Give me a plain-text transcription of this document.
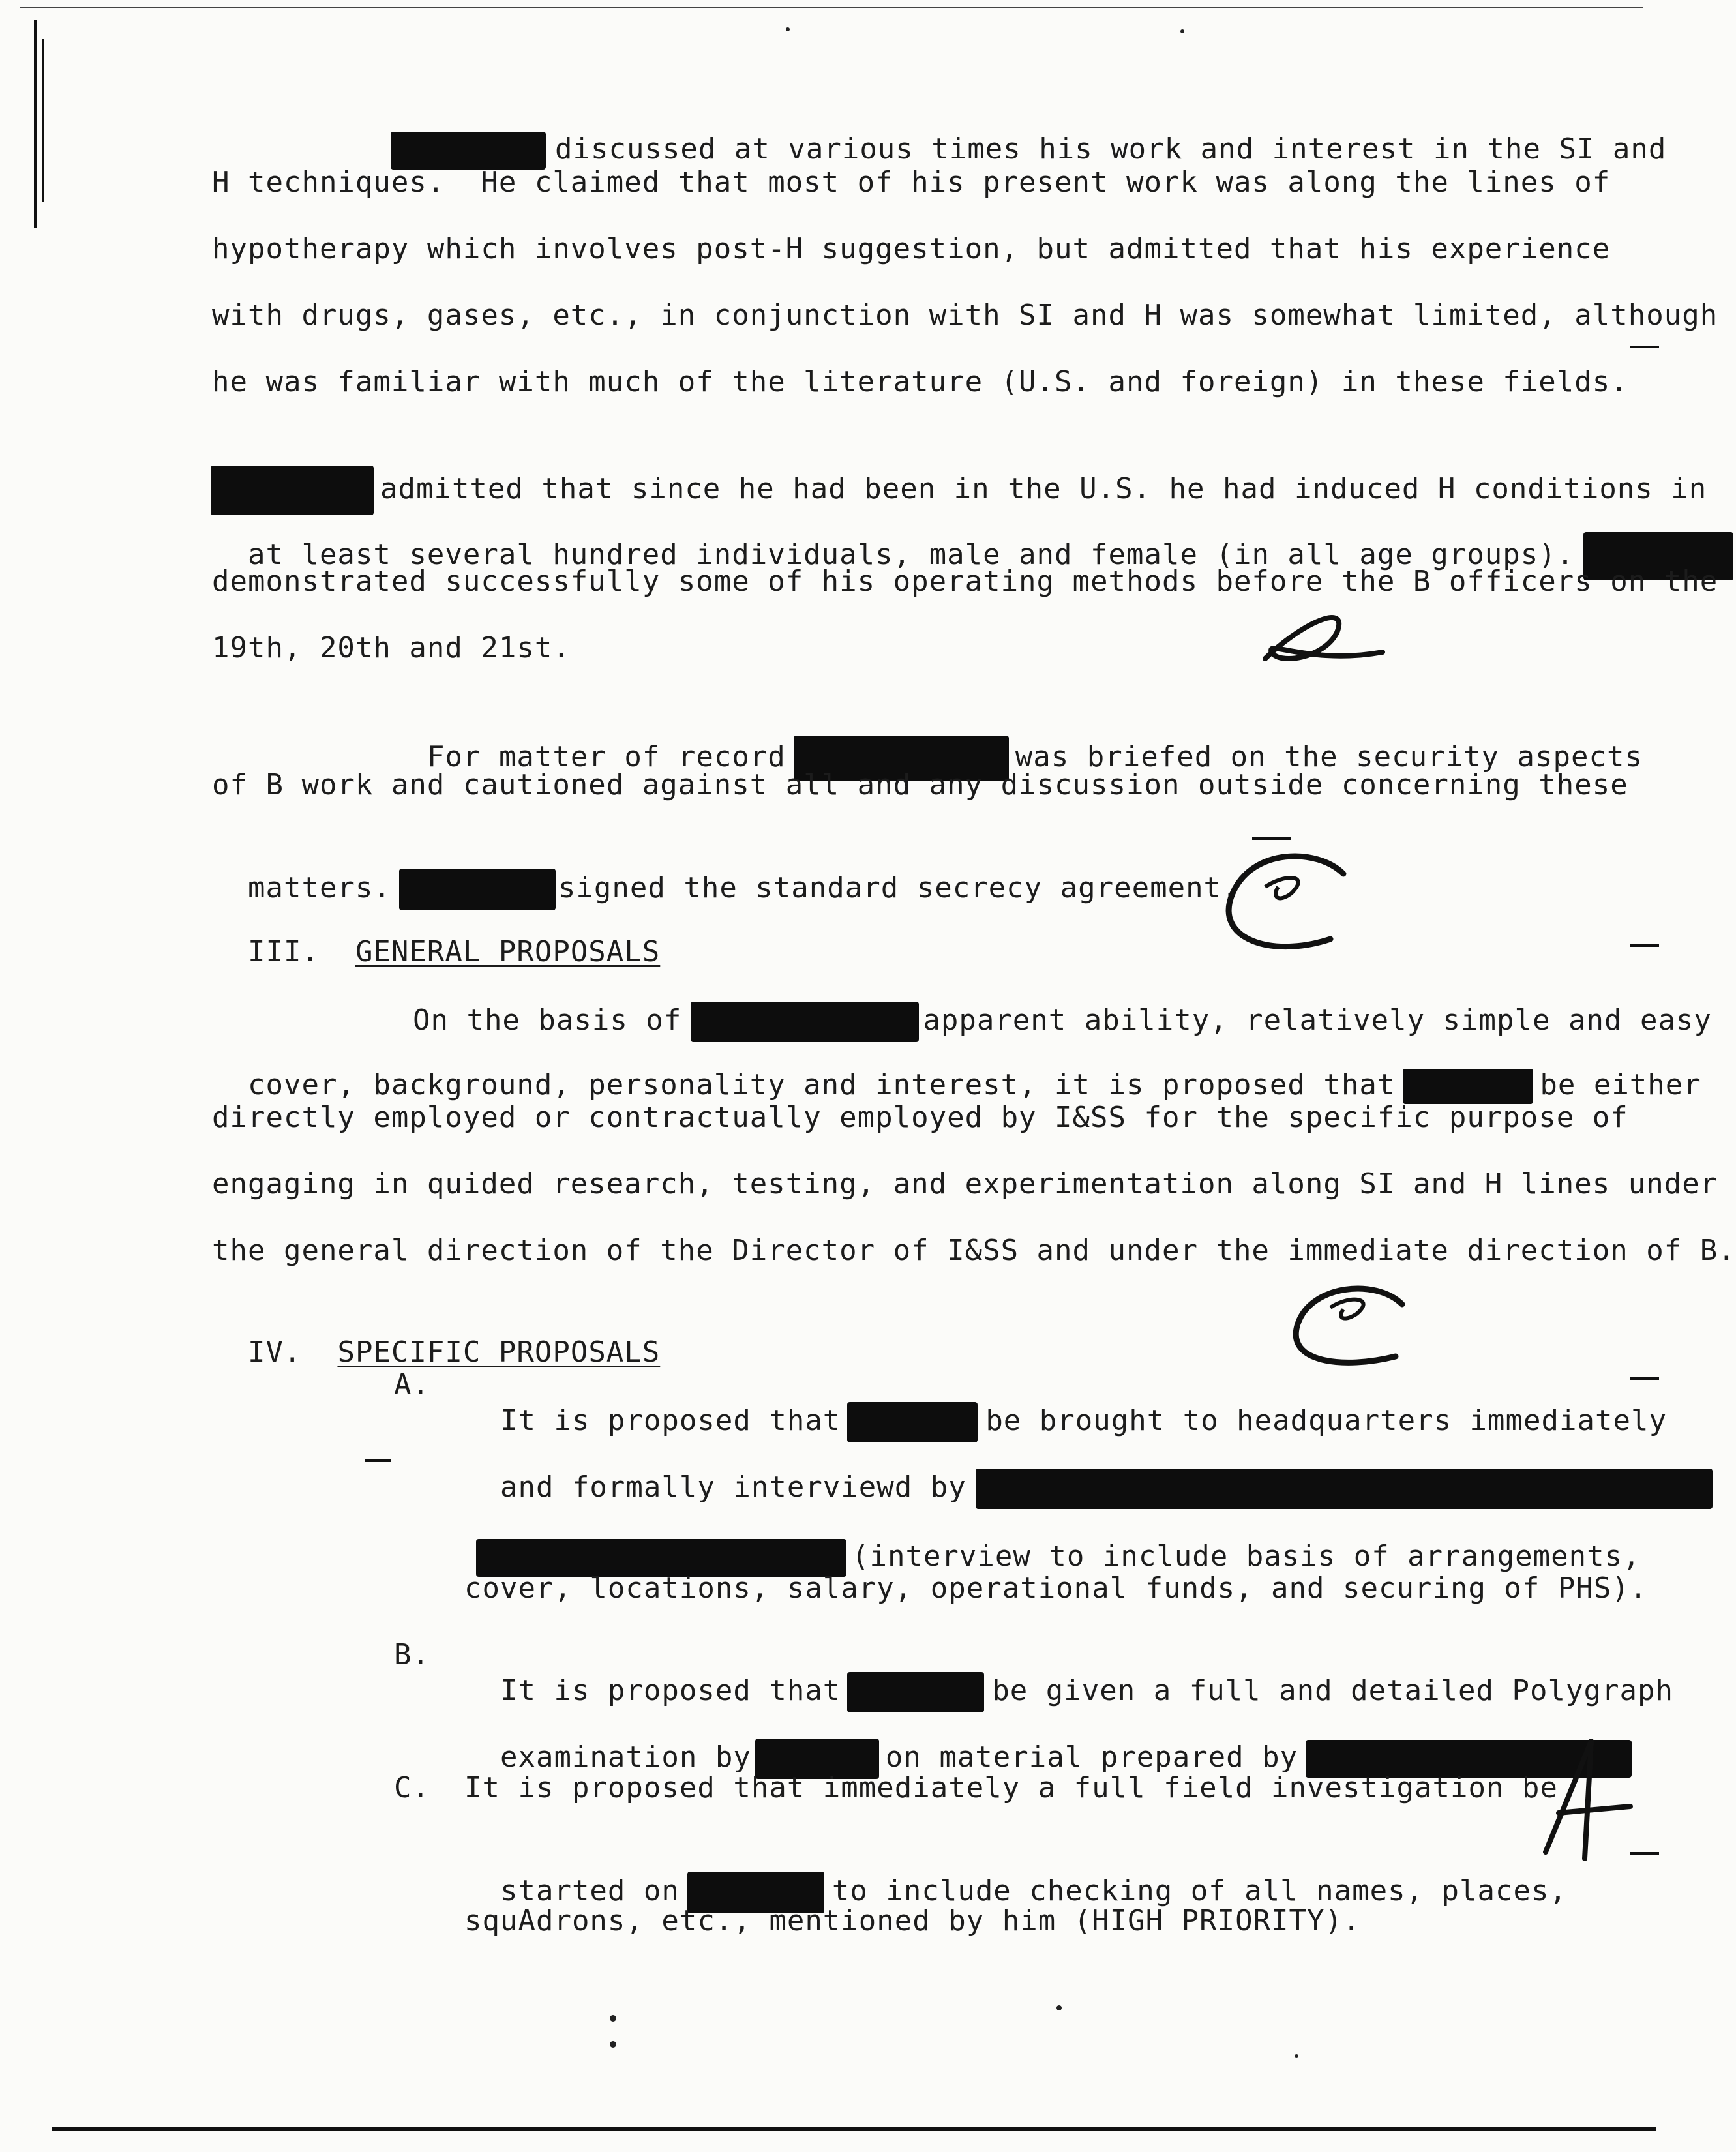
discussed at various times his work and interest in the SI and

H techniques.  He claimed that most of his present work was along the lines of
hypotherapy which involves post-H suggestion, but admitted that his experience
with drugs, gases, etc., in conjunction with SI and H was somewhat limited, although
he was familiar with much of the literature (U.S. and foreign) in these fields.

admitted that since he had been in the U.S. he had induced H conditions in

at least several hundred individuals, male and female (in all age groups).

demonstrated successfully some of his operating methods before the B officers on the
19th, 20th and 21st.

For matter of record	was briefed on the security aspects

of B work and cautioned against all and any discussion outside concerning these

matters.	signed the standard secrecy agreement.

III. GENERAL PROPOSALS

On the basis of	apparent ability, relatively simple and easy

cover, background, personality and interest, it is proposed that	be either

directly employed or contractually employed by I&SS for the specific purpose of
engaging in quided research, testing, and experimentation along SI and H lines under
the general direction of the Director of I&SS and under the immediate direction of B.

IV. SPECIFIC PROPOSALS

A.

It is proposed that	be brought to headquarters immediately

and formally interviewd by

(interview to include basis of arrangements,

cover, locations, salary, operational funds, and securing of PHS).
B.

It is proposed that	be given a full and detailed Polygraph

examination by	on material prepared by

C. It is proposed that immediately a full field investigation be

started on	to include checking of all names, places,

squAdrons, etc., mentioned by him (HIGH PRIORITY).
